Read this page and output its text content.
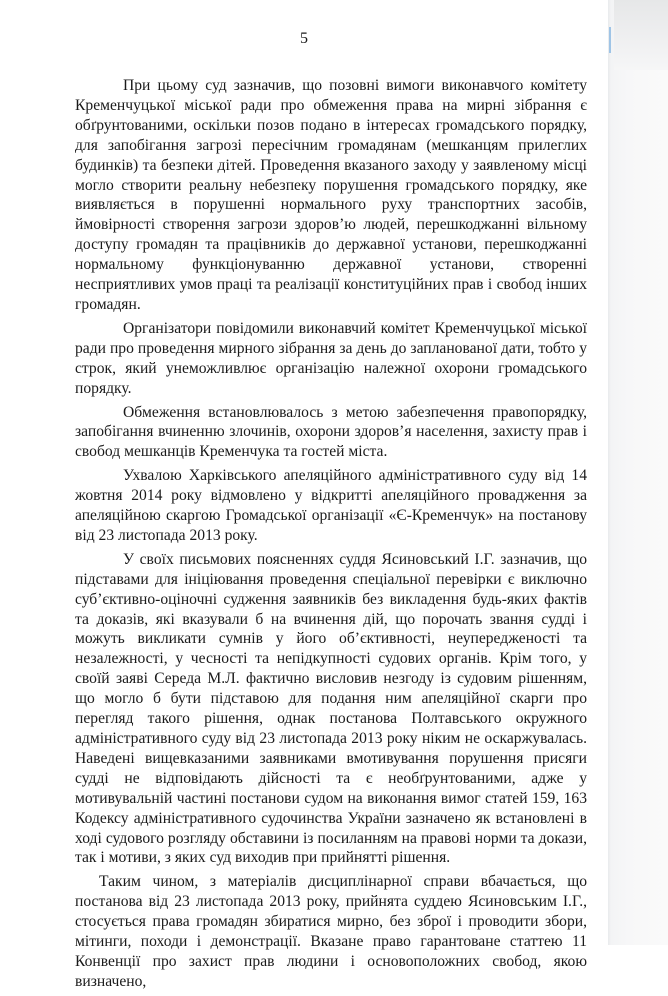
5

При цьому суд зазначив, що позовні вимоги виконавчого комітету Кременчуцької міської ради про обмеження права на мирні зібрання є обґрунтованими, оскільки позов подано в інтересах громадського порядку, для запобігання загрозі пересічним громадянам (мешканцям прилеглих будинків) та безпеки дітей. Проведення вказаного заходу у заявленому місці могло створити реальну небезпеку порушення громадського порядку, яке виявляється в порушенні нормального руху транспортних засобів, ймовірності створення загрози здоров’ю людей, перешкоджанні вільному доступу громадян та працівників до державної установи, перешкоджанні нормальному функціонуванню державної установи, створенні несприятливих умов праці та реалізації конституційних прав і свобод інших громадян.

Організатори повідомили виконавчий комітет Кременчуцької міської ради про проведення мирного зібрання за день до запланованої дати, тобто у строк, який унеможливлює організацію належної охорони громадського порядку.

Обмеження встановлювалось з метою забезпечення правопорядку, запобігання вчиненню злочинів, охорони здоров’я населення, захисту прав і свобод мешканців Кременчука та гостей міста.

Ухвалою Харківського апеляційного адміністративного суду від 14 жовтня 2014 року відмовлено у відкритті апеляційного провадження за апеляційною скаргою Громадської організації «Є-Кременчук» на постанову від 23 листопада 2013 року.

У своїх письмових поясненнях суддя Ясиновський І.Г. зазначив, що підставами для ініціювання проведення спеціальної перевірки є виключно суб’єктивно-оціночні судження заявників без викладення будь-яких фактів та доказів, які вказували б на вчинення дій, що порочать звання судді і можуть викликати сумнів у його об’єктивності, неупередженості та незалежності, у чесності та непідкупності судових органів. Крім того, у своїй заяві Середа М.Л. фактично висловив незгоду із судовим рішенням, що могло б бути підставою для подання ним апеляційної скарги про перегляд такого рішення, однак постанова Полтавського окружного адміністративного суду від 23 листопада 2013 року ніким не оскаржувалась. Наведені вищевказаними заявниками вмотивування порушення присяги судді не відповідають дійсності та є необґрунтованими, адже у мотивувальній частині постанови судом на виконання вимог статей 159, 163 Кодексу адміністративного судочинства України зазначено як встановлені в ході судового розгляду обставини із посиланням на правові норми та докази, так і мотиви, з яких суд виходив при прийнятті рішення.

Таким чином, з матеріалів дисциплінарної справи вбачається, що постанова від 23 листопада 2013 року, прийнята суддею Ясиновським І.Г., стосується права громадян збиратися мирно, без зброї і проводити збори, мітинги, походи і демонстрації. Вказане право гарантоване статтею 11 Конвенції про захист прав людини і основоположних свобод, якою визначено,
